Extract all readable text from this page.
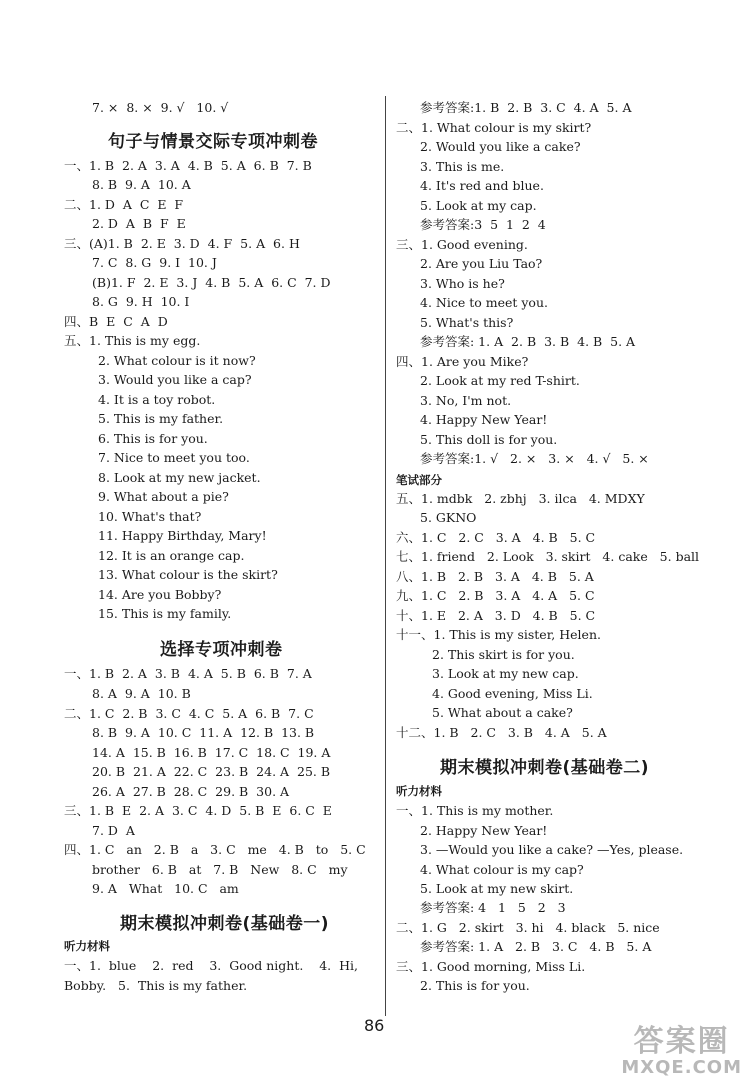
7. ×  8. ×  9. √   10. √
句子与情景交际专项冲刺卷
一、1. B  2. A  3. A  4. B  5. A  6. B  7. B
8. B  9. A  10. A
二、1. D  A  C  E  F
2. D  A  B  F  E
三、(A)1. B  2. E  3. D  4. F  5. A  6. H
7. C  8. G  9. I  10. J
(B)1. F  2. E  3. J  4. B  5. A  6. C  7. D
8. G  9. H  10. I
四、B  E  C  A  D
五、1. This is my egg.
2. What colour is it now?
3. Would you like a cap?
4. It is a toy robot.
5. This is my father.
6. This is for you.
7. Nice to meet you too.
8. Look at my new jacket.
9. What about a pie?
10. What's that?
11. Happy Birthday, Mary!
12. It is an orange cap.
13. What colour is the skirt?
14. Are you Bobby?
15. This is my family.
选择专项冲刺卷
一、1. B  2. A  3. B  4. A  5. B  6. B  7. A
8. A  9. A  10. B
二、1. C  2. B  3. C  4. C  5. A  6. B  7. C
8. B  9. A  10. C  11. A  12. B  13. B
14. A  15. B  16. B  17. C  18. C  19. A
20. B  21. A  22. C  23. B  24. A  25. B
26. A  27. B  28. C  29. B  30. A
三、1. B  E  2. A  3. C  4. D  5. B  E  6. C  E
7. D  A
四、1. C   an   2. B   a   3. C   me   4. B   to   5. C
brother   6. B   at   7. B   New   8. C   my
9. A   What   10. C   am
期末模拟冲刺卷(基础卷一)
听力材料
一、1.  blue    2.  red    3.  Good night.    4.  Hi,
Bobby.   5.  This is my father.
参考答案:1. B  2. B  3. C  4. A  5. A
二、1. What colour is my skirt?
2. Would you like a cake?
3. This is me.
4. It's red and blue.
5. Look at my cap.
参考答案:3  5  1  2  4
三、1. Good evening.
2. Are you Liu Tao?
3. Who is he?
4. Nice to meet you.
5. What's this?
参考答案: 1. A  2. B  3. B  4. B  5. A
四、1. Are you Mike?
2. Look at my red T-shirt.
3. No, I'm not.
4. Happy New Year!
5. This doll is for you.
参考答案:1. √   2. ×   3. ×   4. √   5. ×
笔试部分
五、1. mdbk   2. zbhj   3. ilca   4. MDXY
5. GKNO
六、1. C   2. C   3. A   4. B   5. C
七、1. friend   2. Look   3. skirt   4. cake   5. ball
八、1. B   2. B   3. A   4. B   5. A
九、1. C   2. B   3. A   4. A   5. C
十、1. E   2. A   3. D   4. B   5. C
十一、1. This is my sister, Helen.
2. This skirt is for you.
3. Look at my new cap.
4. Good evening, Miss Li.
5. What about a cake?
十二、1. B   2. C   3. B   4. A   5. A
期末模拟冲刺卷(基础卷二)
听力材料
一、1. This is my mother.
2. Happy New Year!
3. —Would you like a cake? —Yes, please.
4. What colour is my cap?
5. Look at my new skirt.
参考答案: 4   1   5   2   3
二、1. G   2. skirt   3. hi   4. black   5. nice
参考答案: 1. A   2. B   3. C   4. B   5. A
三、1. Good morning, Miss Li.
2. This is for you.
86	答案圈
MXQE.COM
